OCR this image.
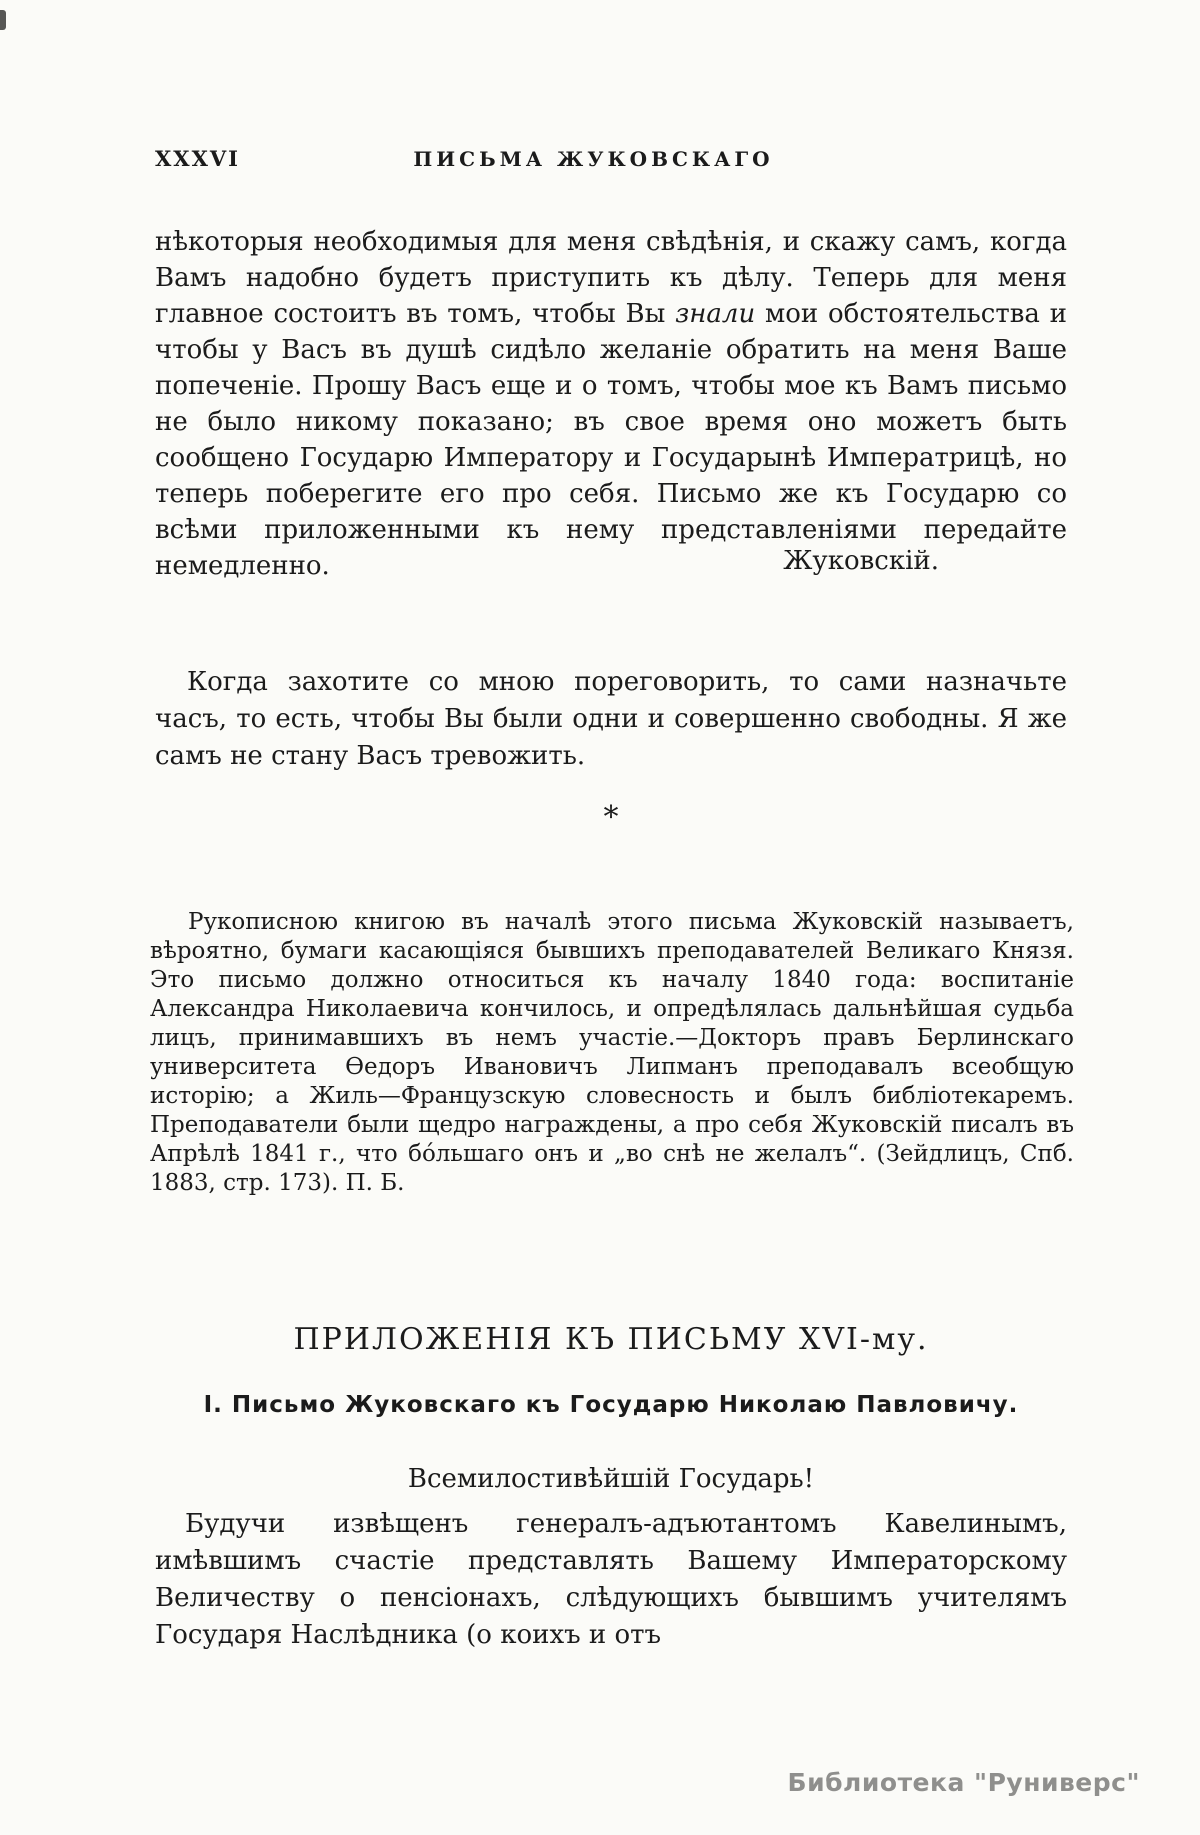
XXXVI	ПИСЬМА ЖУКОВСКАГО

нѣкоторыя необходимыя для меня свѣдѣнія, и скажу самъ, когда Вамъ надобно будетъ приступить къ дѣлу. Теперь для меня главное состоитъ въ томъ, чтобы Вы знали мои обстоятельства и чтобы у Васъ въ душѣ сидѣло желаніе обратить на меня Ваше попеченіе. Прошу Васъ еще и о томъ, чтобы мое къ Вамъ письмо не было никому показано; въ свое время оно можетъ быть сообщено Государю Императору и Государынѣ Императрицѣ, но теперь поберегите его про себя. Письмо же къ Государю со всѣми приложенными къ нему представленіями передайте немедленно.	Жуковскій.

Когда захотите со мною пореговорить, то сами назначьте часъ, то есть, чтобы Вы были одни и совершенно свободны. Я же самъ не стану Васъ тревожить.

*

Рукописною книгою въ началѣ этого письма Жуковскій называетъ, вѣроятно, бумаги касающіяся бывшихъ преподавателей Великаго Князя. Это письмо должно относиться къ началу 1840 года: воспитаніе Александра Николаевича кончилось, и опредѣлялась дальнѣйшая судьба лицъ, принимавшихъ въ немъ участіе.—Докторъ правъ Берлинскаго университета Ѳедоръ Ивановичъ Липманъ преподавалъ всеобщую исторію; а Жиль—Французскую словесность и былъ библіотекаремъ. Преподаватели были щедро награждены, а про себя Жуковскій писалъ въ Апрѣлѣ 1841 г., что бо́льшаго онъ и „во снѣ не желалъ“. (Зейдлицъ, Спб. 1883, стр. 173). П. Б.

ПРИЛОЖЕНІЯ КЪ ПИСЬМУ XVI-му.
I. Письмо Жуковскаго къ Государю Николаю Павловичу.

Всемилостивѣйшій Государь!

Будучи извѣщенъ генералъ-адъютантомъ Кавелинымъ, имѣвшимъ счастіе представлять Вашему Императорскому Величеству о пенсіонахъ, слѣдующихъ бывшимъ учителямъ Государя Наслѣдника (о коихъ и отъ

Библиотека "Руниверс"
